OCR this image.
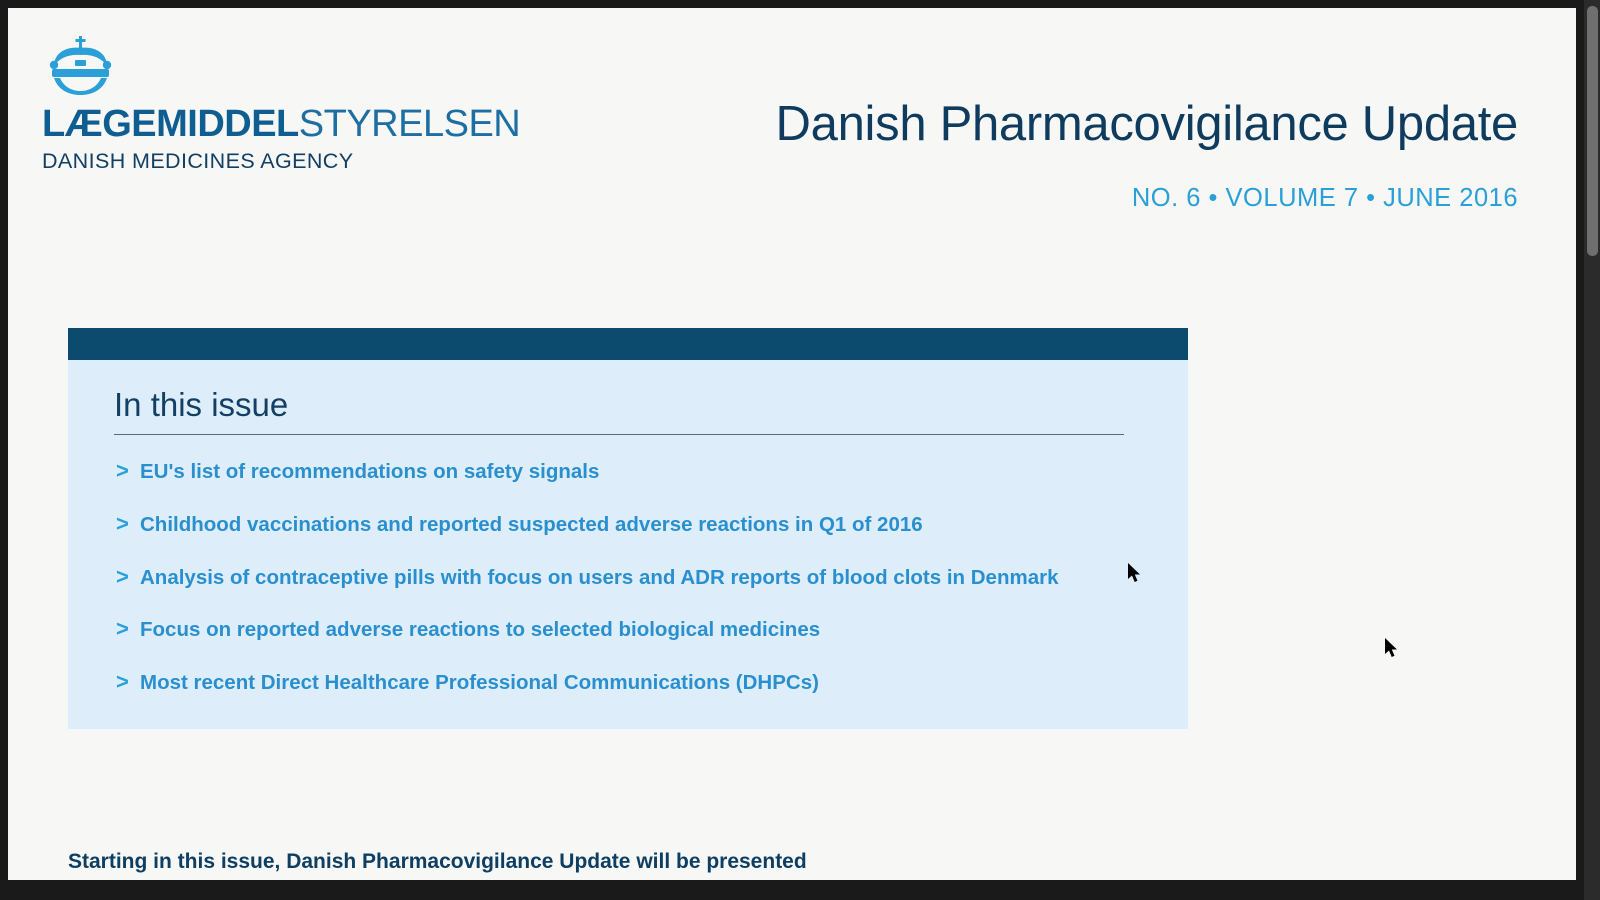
LÆGEMIDDELSTYRELSEN
DANISH MEDICINES AGENCY
Danish Pharmacovigilance Update
NO. 6 • VOLUME 7 • JUNE 2016
In this issue
> EU's list of recommendations on safety signals
> Childhood vaccinations and reported suspected adverse reactions in Q1 of 2016
> Analysis of contraceptive pills with focus on users and ADR reports of blood clots in Denmark
> Focus on reported adverse reactions to selected biological medicines
> Most recent Direct Healthcare Professional Communications (DHPCs)
Starting in this issue, Danish Pharmacovigilance Update will be presented
